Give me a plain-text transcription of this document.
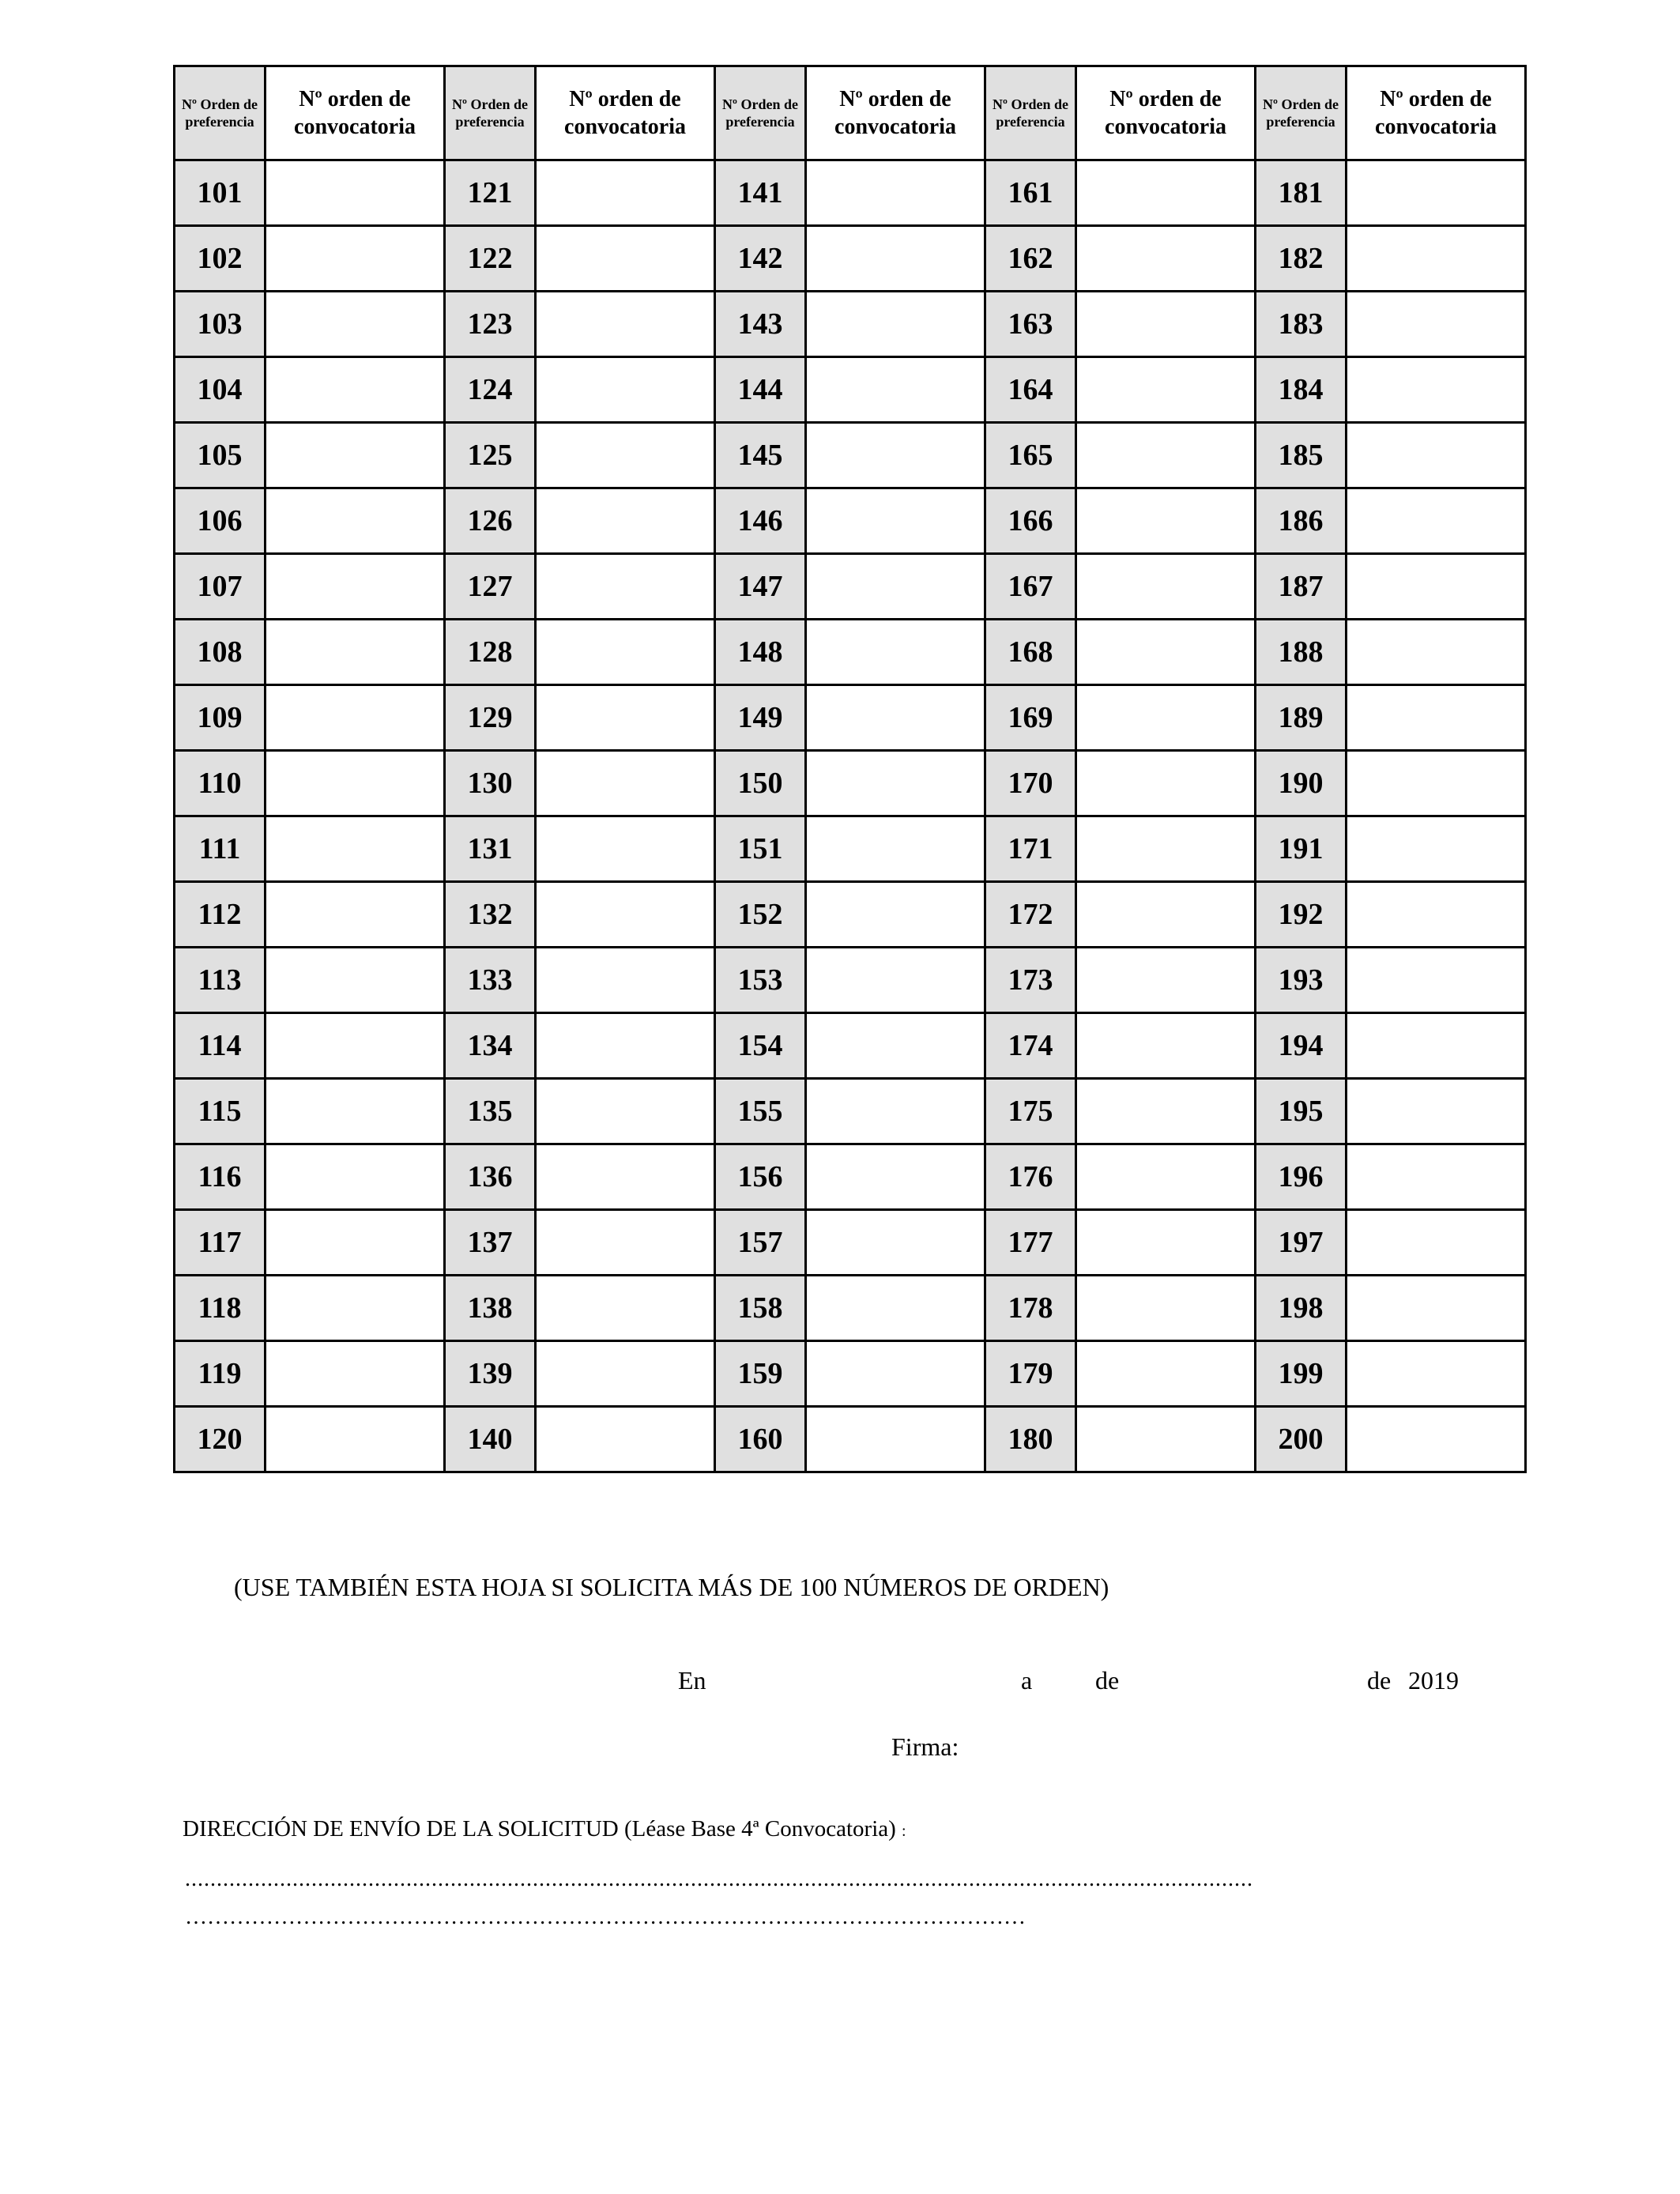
Nº Orden de preferencia	Nº orden de convocatoria	Nº Orden de preferencia	Nº orden de convocatoria	Nº Orden de preferencia	Nº orden de convocatoria	Nº Orden de preferencia	Nº orden de convocatoria	Nº Orden de preferencia	Nº orden de convocatoria
101		121		141		161		181	
102		122		142		162		182	
103		123		143		163		183	
104		124		144		164		184	
105		125		145		165		185	
106		126		146		166		186	
107		127		147		167		187	
108		128		148		168		188	
109		129		149		169		189	
110		130		150		170		190	
111		131		151		171		191	
112		132		152		172		192	
113		133		153		173		193	
114		134		154		174		194	
115		135		155		175		195	
116		136		156		176		196	
117		137		157		177		197	
118		138		158		178		198	
119		139		159		179		199	
120		140		160		180		200	
(USE TAMBIÉN ESTA HOJA SI SOLICITA MÁS DE 100 NÚMEROS DE ORDEN)
En	a de	de 2019
Firma:
DIRECCIÓN DE ENVÍO DE LA SOLICITUD (Léase Base 4ª Convocatoria) :
.........................................................................................................................................................................
……………………………………………………………………………………………………
